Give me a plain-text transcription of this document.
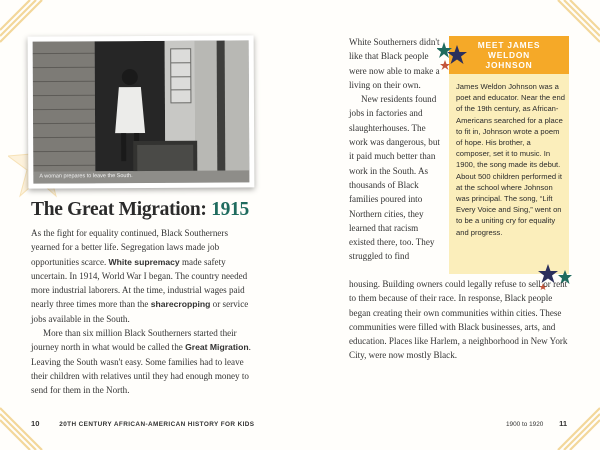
A woman prepares to leave the South.
The Great Migration: 1915

As the fight for equality continued, Black Southerners yearned for a better life. Segregation laws made job opportunities scarce. White supremacy made safety uncertain. In 1914, World War I began. The country needed more industrial laborers. At the time, industrial wages paid nearly three times more than the sharecropping or service jobs available in the South.

More than six million Black Southerners started their journey north in what would be called the Great Migration. Leaving the South wasn't easy. Some families had to leave their children with relatives until they had enough money to send for them in the North.

White Southerners didn't like that Black people were now able to make a living on their own.

New residents found jobs in factories and slaughterhouses. The work was dangerous, but it paid much better than work in the South. As thousands of Black families poured into Northern cities, they learned that racism existed there, too. They struggled to find

MEET JAMES WELDON JOHNSON
James Weldon Johnson was a poet and educator. Near the end of the 19th century, as African-Americans searched for a place to fit in, Johnson wrote a poem of hope. His brother, a composer, set it to music. In 1900, the song made its debut. About 500 children performed it at the school where Johnson was principal. The song, “Lift Every Voice and Sing,” went on to be a uniting cry for equality and progress.
housing. Building owners could legally refuse to sell or rent to them because of their race. In response, Black people began creating their own communities within cities. These communities were filled with Black businesses, arts, and education. Places like Harlem, a neighborhood in New York City, were now mostly Black.
10	20TH CENTURY AFRICAN-AMERICAN HISTORY FOR KIDS	1900 to 1920 11
